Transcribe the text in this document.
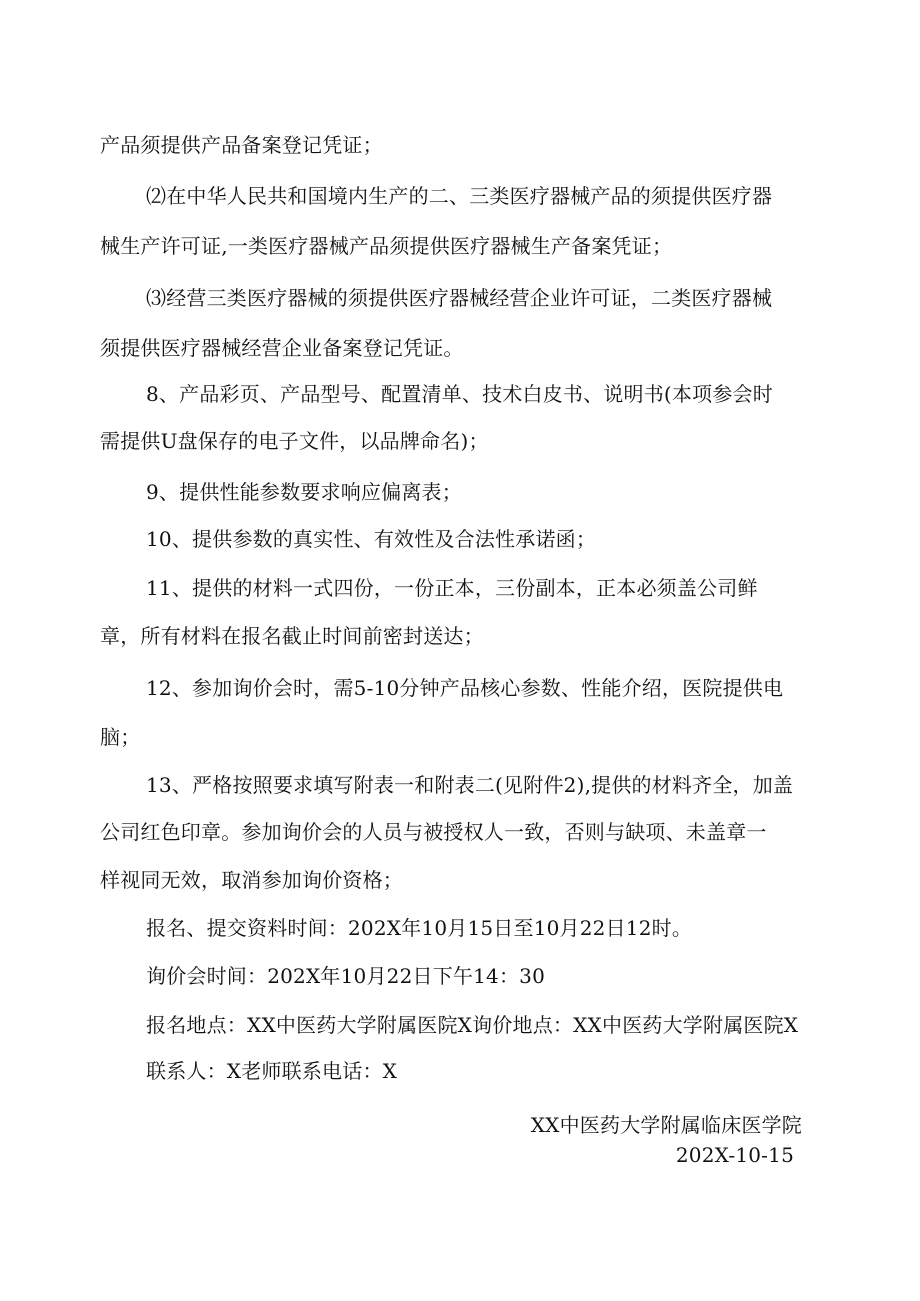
产品须提供产品备案登记凭证；
⑵在中华人民共和国境内生产的二、三类医疗器械产品的须提供医疗器
械生产许可证,一类医疗器械产品须提供医疗器械生产备案凭证；
⑶经营三类医疗器械的须提供医疗器械经营企业许可证，二类医疗器械
须提供医疗器械经营企业备案登记凭证。
8、产品彩页、产品型号、配置清单、技术白皮书、说明书(本项参会时
需提供U盘保存的电子文件，以品牌命名)；
9、提供性能参数要求响应偏离表；
10、提供参数的真实性、有效性及合法性承诺函；
11、提供的材料一式四份，一份正本，三份副本，正本必须盖公司鲜
章，所有材料在报名截止时间前密封送达；
12、参加询价会时，需5-10分钟产品核心参数、性能介绍，医院提供电
脑；
13、严格按照要求填写附表一和附表二(见附件2),提供的材料齐全，加盖
公司红色印章。参加询价会的人员与被授权人一致，否则与缺项、未盖章一
样视同无效，取消参加询价资格；
报名、提交资料时间：202X年10月15日至10月22日12时。
询价会时间：202X年10月22日下午14：30
报名地点：XX中医药大学附属医院X询价地点：XX中医药大学附属医院X
联系人：X老师联系电话：X
XX中医药大学附属临床医学院
202X-10-15
